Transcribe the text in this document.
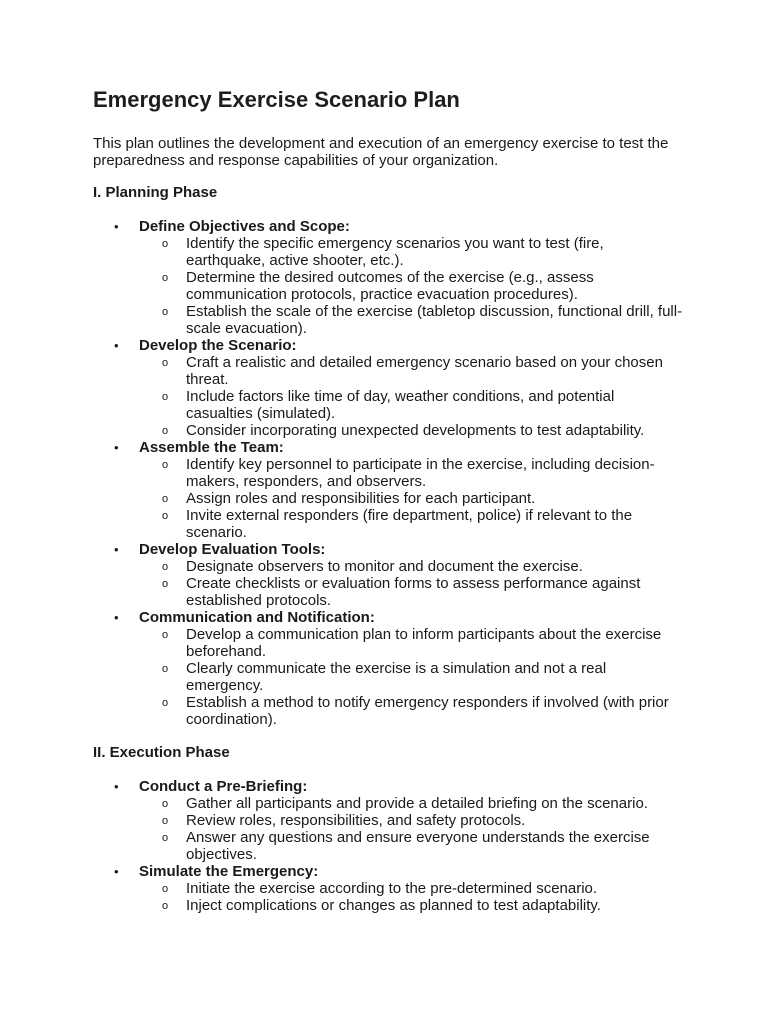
Emergency Exercise Scenario Plan

This plan outlines the development and execution of an emergency exercise to test the preparedness and response capabilities of your organization.

I. Planning Phase
• Define Objectives and Scope:
o Identify the specific emergency scenarios you want to test (fire, earthquake, active shooter, etc.).
o Determine the desired outcomes of the exercise (e.g., assess communication protocols, practice evacuation procedures).
o Establish the scale of the exercise (tabletop discussion, functional drill, full-scale evacuation).
• Develop the Scenario:
o Craft a realistic and detailed emergency scenario based on your chosen threat.
o Include factors like time of day, weather conditions, and potential casualties (simulated).
o Consider incorporating unexpected developments to test adaptability.
• Assemble the Team:
o Identify key personnel to participate in the exercise, including decision-makers, responders, and observers.
o Assign roles and responsibilities for each participant.
o Invite external responders (fire department, police) if relevant to the scenario.
• Develop Evaluation Tools:
o Designate observers to monitor and document the exercise.
o Create checklists or evaluation forms to assess performance against established protocols.
• Communication and Notification:
o Develop a communication plan to inform participants about the exercise beforehand.
o Clearly communicate the exercise is a simulation and not a real emergency.
o Establish a method to notify emergency responders if involved (with prior coordination).
II. Execution Phase
• Conduct a Pre-Briefing:
o Gather all participants and provide a detailed briefing on the scenario.
o Review roles, responsibilities, and safety protocols.
o Answer any questions and ensure everyone understands the exercise objectives.
• Simulate the Emergency:
o Initiate the exercise according to the pre-determined scenario.
o Inject complications or changes as planned to test adaptability.
